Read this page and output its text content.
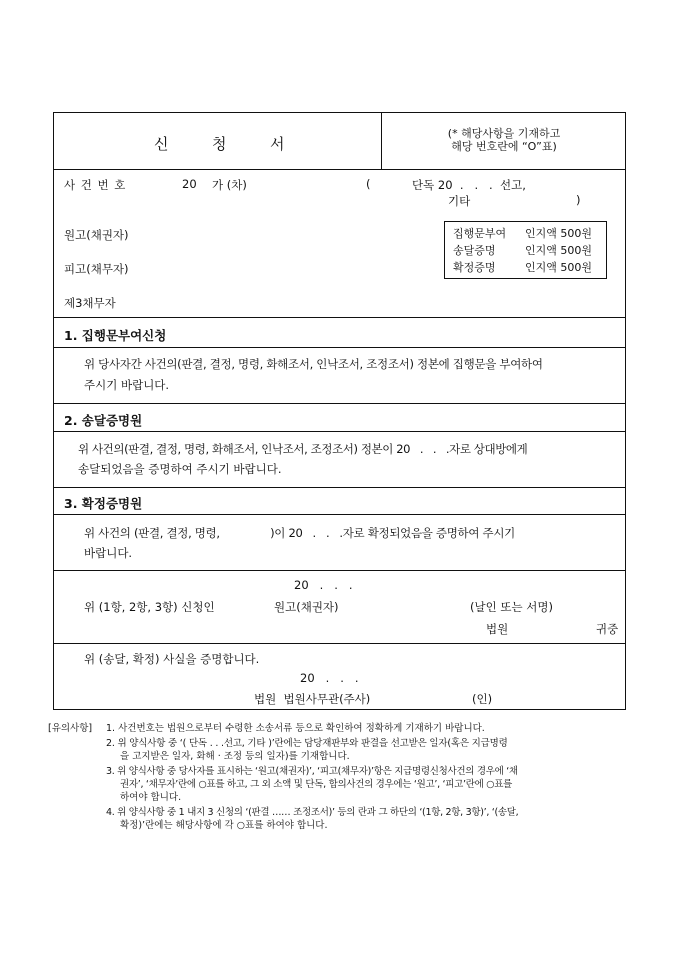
신	청	서
(* 해당사항을 기재하고
해당 번호란에 “O”표)
사 건 번 호	20 가 (차)	(	단독 20  .   .   .  선고,
기타	)
원고(채권자)
피고(채무자)
제3채무자
집행문부여 인지액 500원
송달증명	인지액 500원
확정증명	인지액 500원
1. 집행문부여신청
위 당사자간 사건의(판결, 결정, 명령, 화해조서, 인낙조서, 조정조서) 정본에 집행문을 부여하여
주시기 바랍니다.
2. 송달증명원
위 사건의(판결, 결정, 명령, 화해조서, 인낙조서, 조정조서) 정본이 20   .   .   .자로 상대방에게
송달되었음을 증명하여 주시기 바랍니다.
3. 확정증명원
위 사건의 (판결, 결정, 명령,               )이 20   .   .   .자로 확정되었음을 증명하여 주시기
바랍니다.
20   .   .   .
위 (1항, 2항, 3항) 신청인	원고(채권자)	(날인 또는 서명)
법원	귀중
위 (송달, 확정) 사실을 증명합니다.
20   .   .   .
법원  법원사무관(주사)	(인)
[유의사항] 1. 사건번호는 법원으로부터 수령한 소송서류 등으로 확인하여 정확하게 기재하기 바랍니다.
2. 위 양식사항 중 ‘( 단독 . . .선고, 기타 )’란에는 담당재판부와 판결을 선고받은 일자(혹은 지급명령
을 고지받은 일자, 화해 · 조정 등의 일자)를 기재합니다.
3. 위 양식사항 중 당사자를 표시하는 ‘원고(채권자)’, ‘피고(채무자)’항은 지급명령신청사건의 경우에 ‘채
권자’, ‘채무자’란에 ○표를 하고, 그 외 소액 및 단독, 합의사건의 경우에는 ‘원고’, ‘피고’란에 ○표를
하여야 합니다.
4. 위 양식사항 중 1 내지 3 신청의 ‘(판결 …… 조정조서)’ 등의 란과 그 하단의 ‘(1항, 2항, 3항)’, ‘(송달,
확정)’란에는 해당사항에 각 ○표를 하여야 합니다.
